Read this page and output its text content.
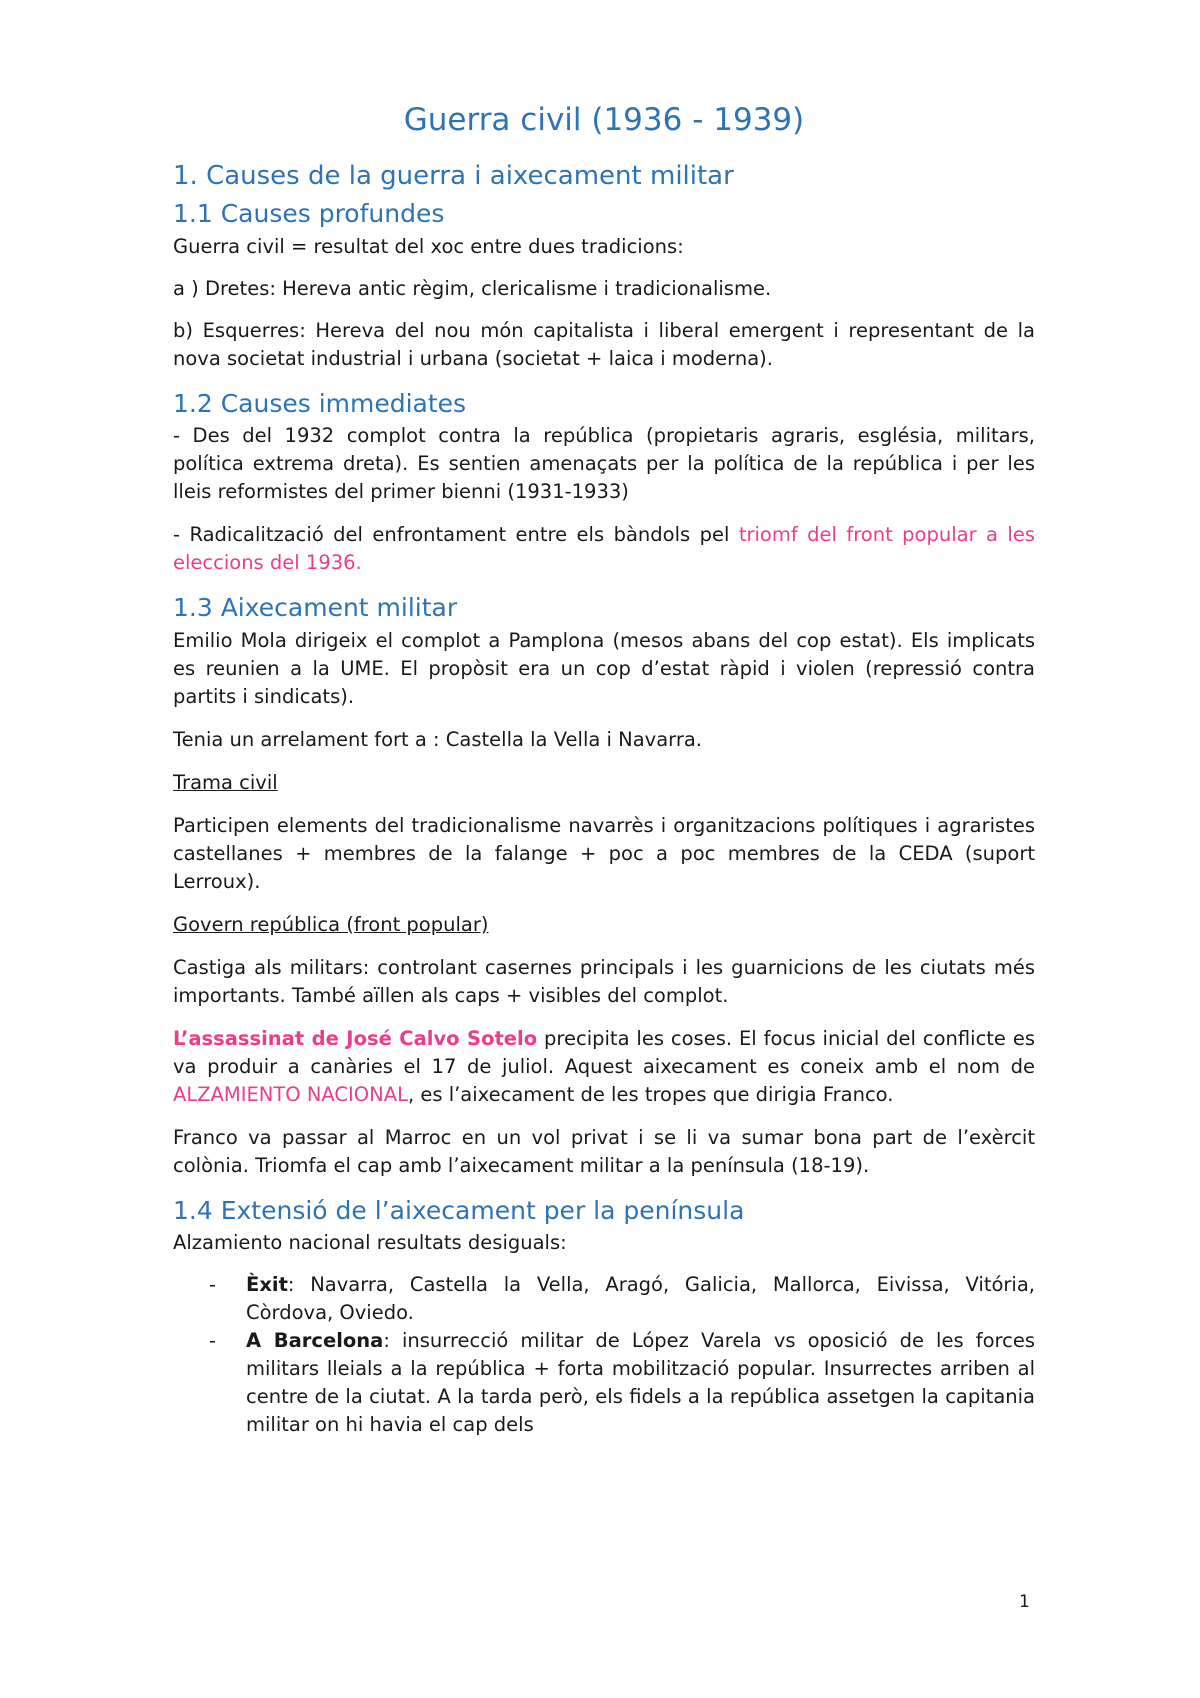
Guerra civil (1936 - 1939)
1. Causes de la guerra i aixecament militar
1.1 Causes profundes

Guerra civil = resultat del xoc entre dues tradicions:

a ) Dretes: Hereva antic règim, clericalisme i tradicionalisme.

b) Esquerres: Hereva del nou món capitalista i liberal emergent i representant de la nova societat industrial i urbana (societat + laica i moderna).

1.2 Causes immediates

- Des del 1932 complot contra la república (propietaris agraris, església, militars, política extrema dreta). Es sentien amenaçats per la política de la república i per les lleis reformistes del primer bienni (1931-1933)

- Radicalització del enfrontament entre els bàndols pel triomf del front popular a les eleccions del 1936.

1.3 Aixecament militar

Emilio Mola dirigeix el complot a Pamplona (mesos abans del cop estat). Els implicats es reunien a la UME. El propòsit era un cop d’estat ràpid i violen (repressió contra partits i sindicats).

Tenia un arrelament fort a : Castella la Vella i Navarra.

Trama civil

Participen elements del tradicionalisme navarrès i organitzacions polítiques i agraristes castellanes + membres de la falange + poc a poc membres de la CEDA (suport Lerroux).

Govern república (front popular)

Castiga als militars: controlant casernes principals i les guarnicions de les ciutats més importants. També aïllen als caps + visibles del complot.

L’assassinat de José Calvo Sotelo precipita les coses. El focus inicial del conflicte es va produir a canàries el 17 de juliol. Aquest aixecament es coneix amb el nom de ALZAMIENTO NACIONAL, es l’aixecament de les tropes que dirigia Franco.

Franco va passar al Marroc en un vol privat i se li va sumar bona part de l’exèrcit colònia. Triomfa el cap amb l’aixecament militar a la península (18-19).

1.4 Extensió de l’aixecament per la península

Alzamiento nacional resultats desiguals:

- Èxit: Navarra, Castella la Vella, Aragó, Galicia, Mallorca, Eivissa, Vitória, Còrdova, Oviedo.
- A Barcelona: insurrecció militar de López Varela vs oposició de les forces militars lleials a la república + forta mobilització popular. Insurrectes arriben al centre de la ciutat. A la tarda però, els fidels a la república assetgen la capitania militar on hi havia el cap dels
1
